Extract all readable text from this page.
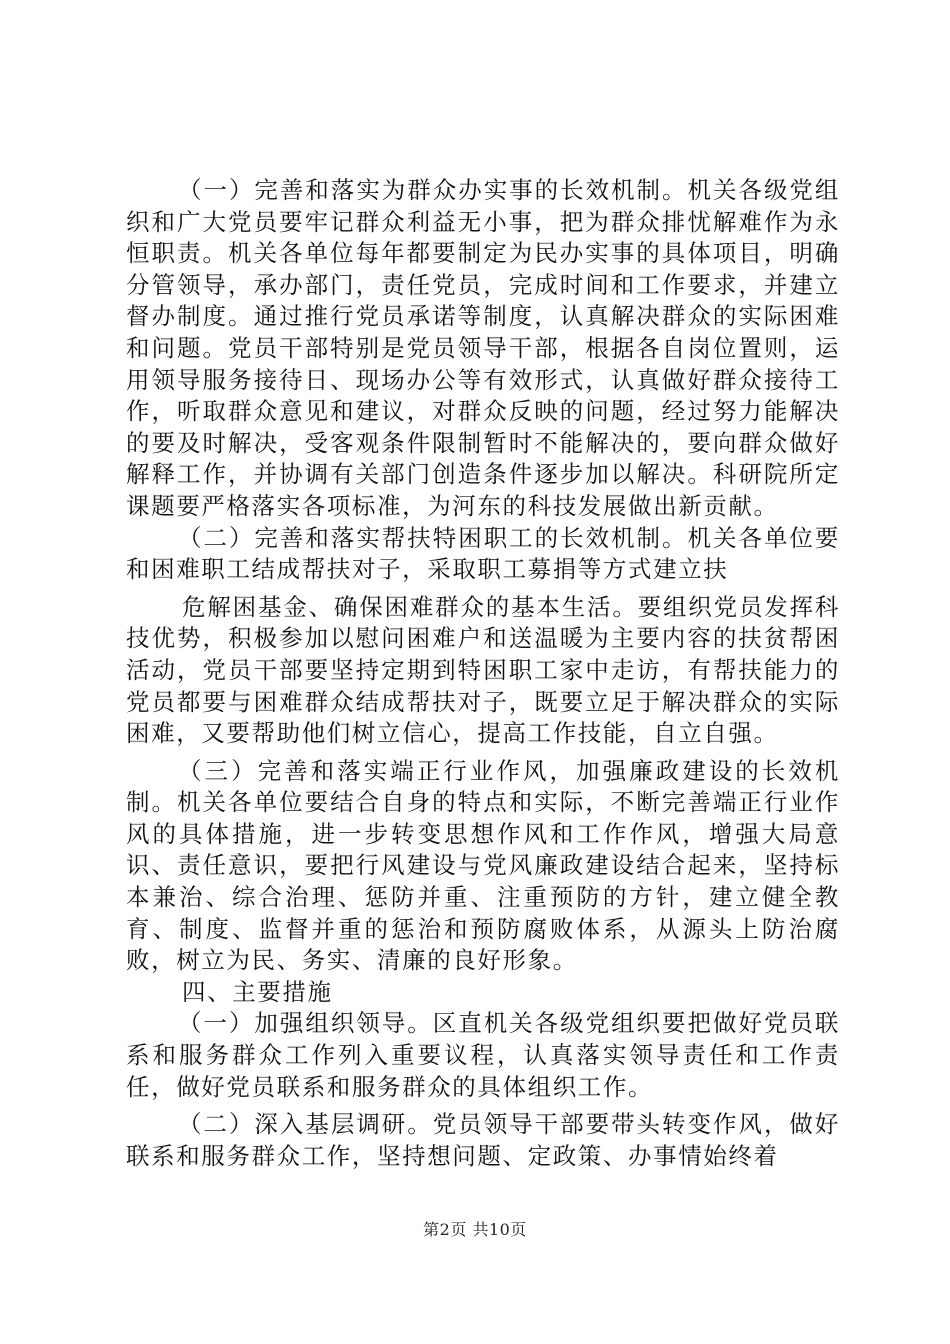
（一）完善和落实为群众办实事的长效机制。机关各级党组织和广大党员要牢记群众利益无小事，把为群众排忧解难作为永恒职责。机关各单位每年都要制定为民办实事的具体项目，明确分管领导，承办部门，责任党员，完成时间和工作要求，并建立督办制度。通过推行党员承诺等制度，认真解决群众的实际困难和问题。党员干部特别是党员领导干部，根据各自岗位置则，运用领导服务接待日、现场办公等有效形式，认真做好群众接待工作，听取群众意见和建议，对群众反映的问题，经过努力能解决的要及时解决，受客观条件限制暂时不能解决的，要向群众做好解释工作，并协调有关部门创造条件逐步加以解决。科研院所定课题要严格落实各项标准，为河东的科技发展做出新贡献。

（二）完善和落实帮扶特困职工的长效机制。机关各单位要和困难职工结成帮扶对子，采取职工募捐等方式建立扶

危解困基金、确保困难群众的基本生活。要组织党员发挥科技优势，积极参加以慰问困难户和送温暖为主要内容的扶贫帮困活动，党员干部要坚持定期到特困职工家中走访，有帮扶能力的党员都要与困难群众结成帮扶对子，既要立足于解决群众的实际困难，又要帮助他们树立信心，提高工作技能，自立自强。

（三）完善和落实端正行业作风，加强廉政建设的长效机制。机关各单位要结合自身的特点和实际，不断完善端正行业作风的具体措施，进一步转变思想作风和工作作风，增强大局意识、责任意识，要把行风建设与党风廉政建设结合起来，坚持标本兼治、综合治理、惩防并重、注重预防的方针，建立健全教育、制度、监督并重的惩治和预防腐败体系，从源头上防治腐败，树立为民、务实、清廉的良好形象。

四、主要措施

（一）加强组织领导。区直机关各级党组织要把做好党员联系和服务群众工作列入重要议程，认真落实领导责任和工作责任，做好党员联系和服务群众的具体组织工作。

（二）深入基层调研。党员领导干部要带头转变作风，做好联系和服务群众工作，坚持想问题、定政策、办事情始终着

第2页 共10页
